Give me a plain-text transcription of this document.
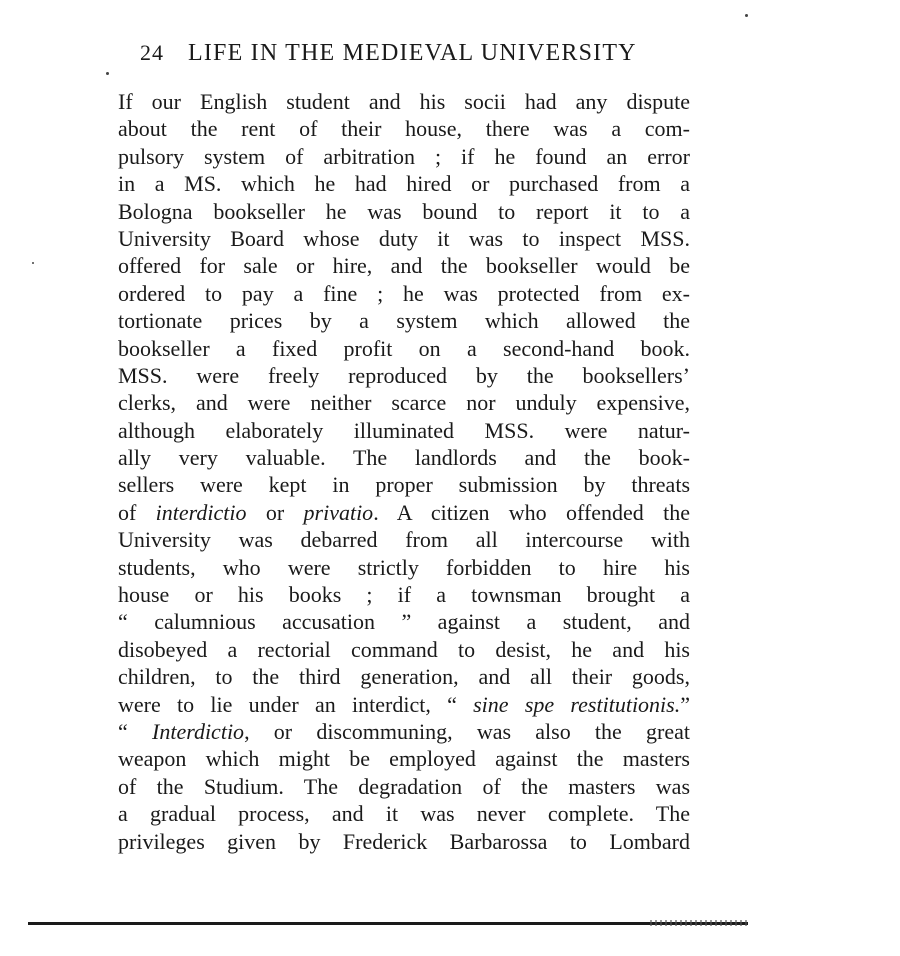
24 LIFE IN THE MEDIEVAL UNIVERSITY
If our English student and his socii had any dispute
about the rent of their house, there was a com-
pulsory system of arbitration ; if he found an error
in a MS. which he had hired or purchased from a
Bologna bookseller he was bound to report it to a
University Board whose duty it was to inspect MSS.
offered for sale or hire, and the bookseller would be
ordered to pay a fine ; he was protected from ex-
tortionate prices by a system which allowed the
bookseller a fixed profit on a second-hand book.
MSS. were freely reproduced by the booksellers’
clerks, and were neither scarce nor unduly expensive,
although elaborately illuminated MSS. were natur-
ally very valuable. The landlords and the book-
sellers were kept in proper submission by threats
of interdictio or privatio. A citizen who offended the
University was debarred from all intercourse with
students, who were strictly forbidden to hire his
house or his books ; if a townsman brought a
“ calumnious accusation ” against a student, and
disobeyed a rectorial command to desist, he and his
children, to the third generation, and all their goods,
were to lie under an interdict, “ sine spe restitutionis.”
“ Interdictio, or discommuning, was also the great
weapon which might be employed against the masters
of the Studium. The degradation of the masters was
a gradual process, and it was never complete. The
privileges given by Frederick Barbarossa to Lombard
